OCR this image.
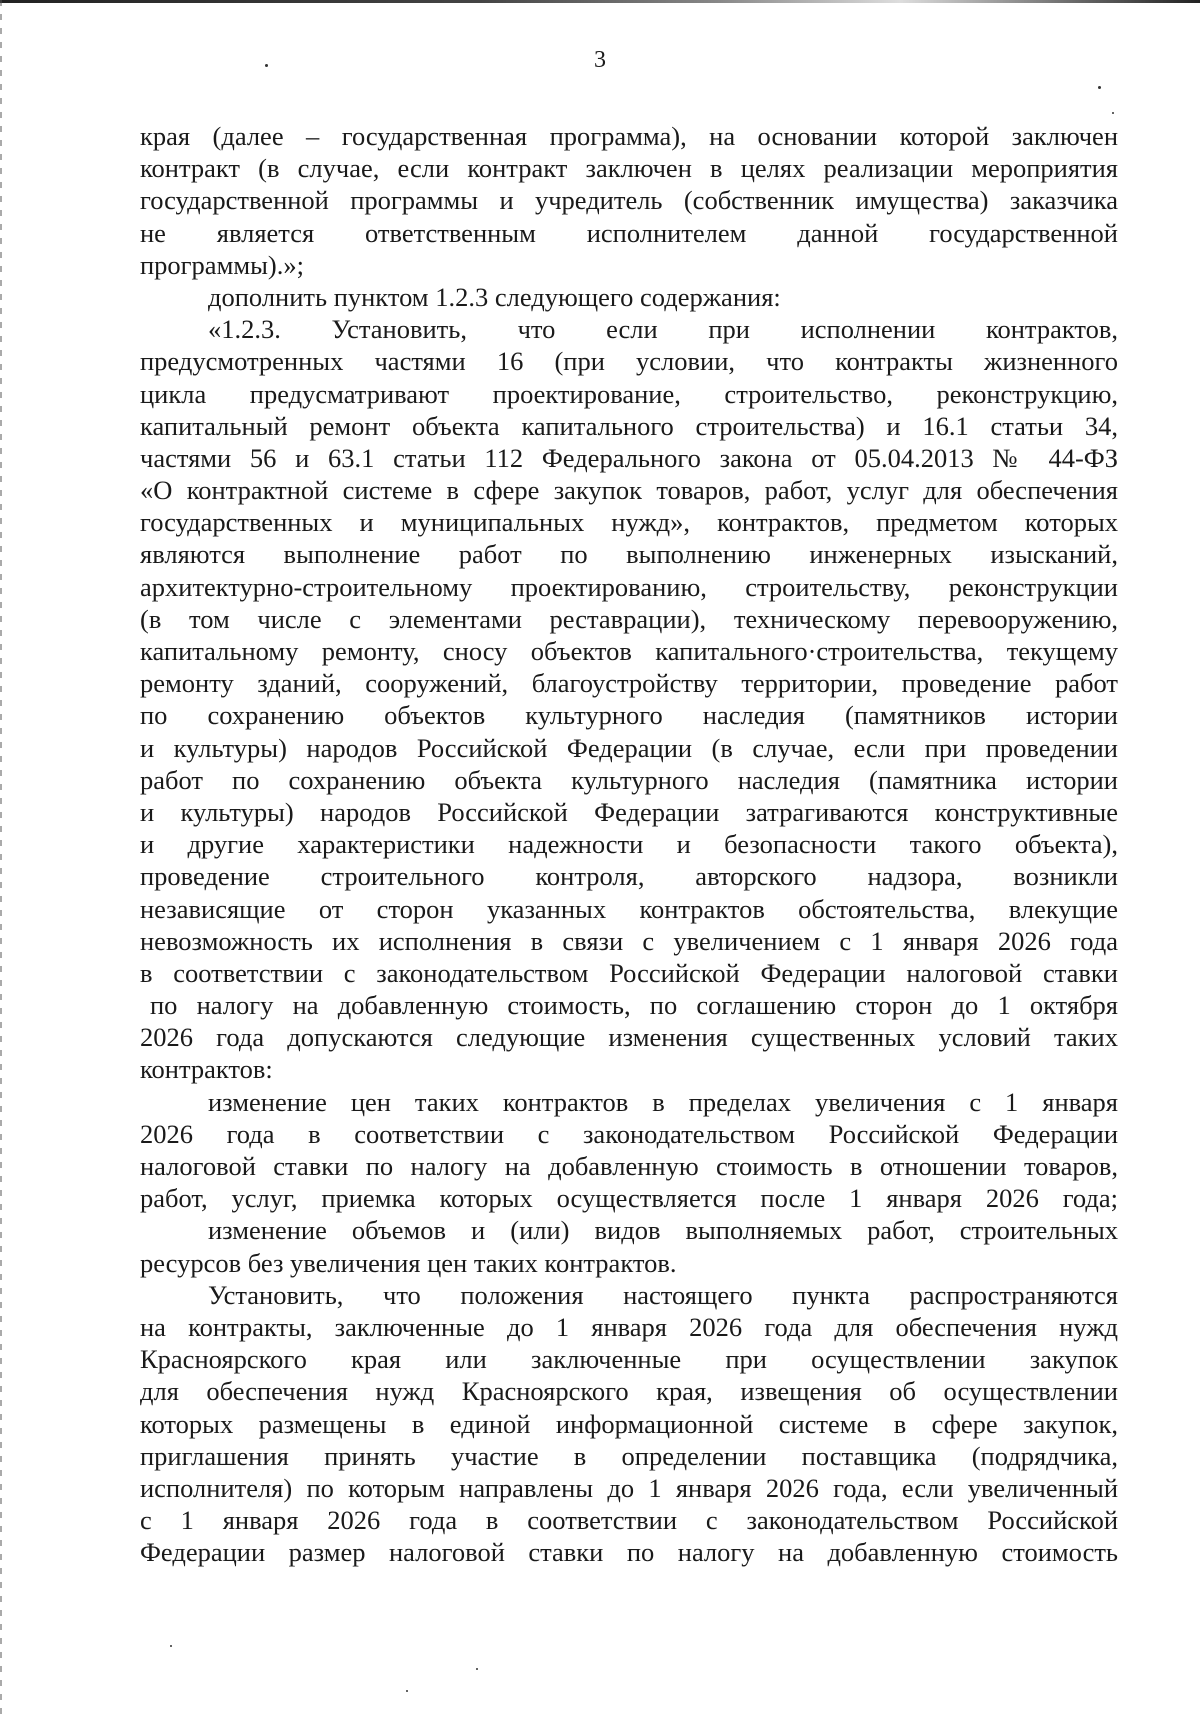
3
края (далее – государственная программа), на основании которой заключен
контракт (в случае, если контракт заключен в целях реализации мероприятия
государственной программы и учредитель (собственник имущества) заказчика
не является ответственным исполнителем данной государственной
программы).»;
дополнить пунктом 1.2.3 следующего содержания:
«1.2.3. Установить, что если при исполнении контрактов,
предусмотренных частями 16 (при условии, что контракты жизненного
цикла предусматривают проектирование, строительство, реконструкцию,
капитальный ремонт объекта капитального строительства) и 16.1 статьи 34,
частями 56 и 63.1 статьи 112 Федерального закона от 05.04.2013 № 44-ФЗ
«О контрактной системе в сфере закупок товаров, работ, услуг для обеспечения
государственных и муниципальных нужд», контрактов, предметом которых
являются выполнение работ по выполнению инженерных изысканий,
архитектурно-строительному проектированию, строительству, реконструкции
(в том числе с элементами реставрации), техническому перевооружению,
капитальному ремонту, сносу объектов капитального·строительства, текущему
ремонту зданий, сооружений, благоустройству территории, проведение работ
по сохранению объектов культурного наследия (памятников истории
и культуры) народов Российской Федерации (в случае, если при проведении
работ по сохранению объекта культурного наследия (памятника истории
и культуры) народов Российской Федерации затрагиваются конструктивные
и другие характеристики надежности и безопасности такого объекта),
проведение строительного контроля, авторского надзора, возникли
независящие от сторон указанных контрактов обстоятельства, влекущие
невозможность их исполнения в связи с увеличением с 1 января 2026 года
в соответствии с законодательством Российской Федерации налоговой ставки
по налогу на добавленную стоимость, по соглашению сторон до 1 октября
2026 года допускаются следующие изменения существенных условий таких
контрактов:
изменение цен таких контрактов в пределах увеличения с 1 января
2026 года в соответствии с законодательством Российской Федерации
налоговой ставки по налогу на добавленную стоимость в отношении товаров,
работ, услуг, приемка которых осуществляется после 1 января 2026 года;
изменение объемов и (или) видов выполняемых работ, строительных
ресурсов без увеличения цен таких контрактов.
Установить, что положения настоящего пункта распространяются
на контракты, заключенные до 1 января 2026 года для обеспечения нужд
Красноярского края или заключенные при осуществлении закупок
для обеспечения нужд Красноярского края, извещения об осуществлении
которых размещены в единой информационной системе в сфере закупок,
приглашения принять участие в определении поставщика (подрядчика,
исполнителя) по которым направлены до 1 января 2026 года, если увеличенный
с 1 января 2026 года в соответствии с законодательством Российской
Федерации размер налоговой ставки по налогу на добавленную стоимость
